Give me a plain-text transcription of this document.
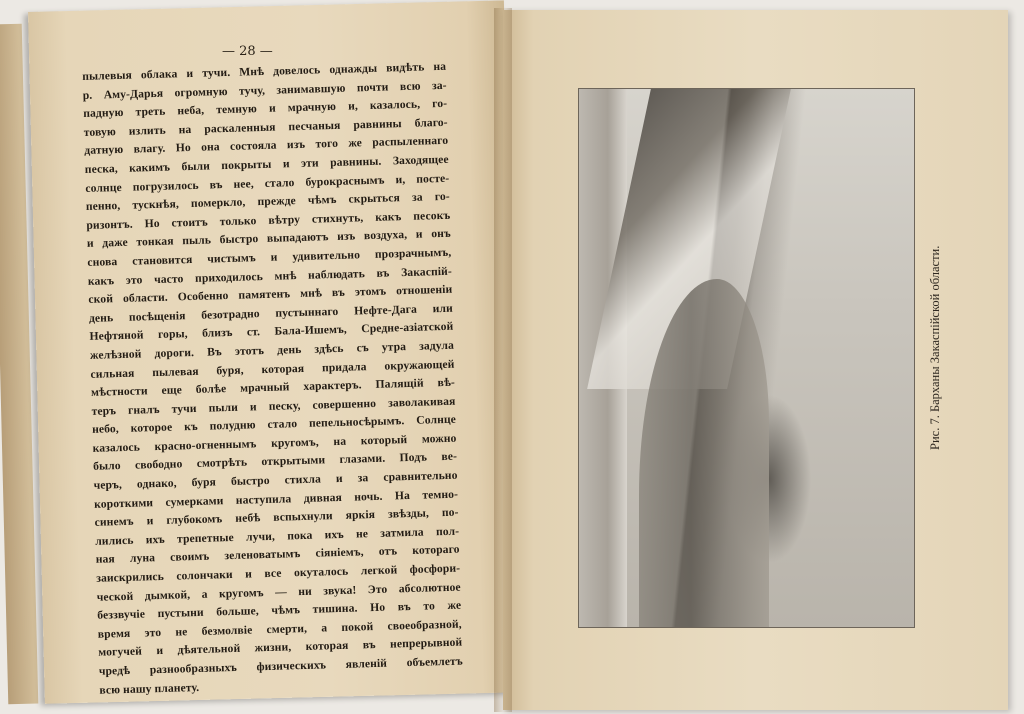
— 28 —
пылевыя облака и тучи. Мнѣ довелось однажды видѣть на
р. Аму-Дарья огромную тучу, занимавшую почти всю за-
падную треть неба, темную и мрачную и, казалось, го-
товую излить на раскаленныя песчаныя равнины благо-
датную влагу. Но она состояла изъ того же распыленнаго
песка, какимъ были покрыты и эти равнины. Заходящее
солнце погрузилось въ нее, стало бурокраснымъ и, посте-
пенно, тускнѣя, померкло, прежде чѣмъ скрыться за го-
ризонтъ. Но стоитъ только вѣтру стихнуть, какъ песокъ
и даже тонкая пыль быстро выпадаютъ изъ воздуха, и онъ
снова становится чистымъ и удивительно прозрачнымъ,
какъ это часто приходилось мнѣ наблюдать въ Закаспій-
ской области. Особенно памятенъ мнѣ въ этомъ отношеніи
день посѣщенія безотрадно пустыннаго Нефте-Дага или
Нефтяной горы, близъ ст. Бала-Ишемъ, Средне-азіатской
желѣзной дороги. Въ этотъ день здѣсь съ утра задула
сильная пылевая буря, которая придала окружающей
мѣстности еще болѣе мрачный характеръ. Палящій вѣ-
теръ гналъ тучи пыли и песку, совершенно заволакивая
небо, которое къ полудню стало пепельносѣрымъ. Солнце
казалось красно-огненнымъ кругомъ, на который можно
было свободно смотрѣть открытыми глазами. Подъ ве-
черъ, однако, буря быстро стихла и за сравнительно
короткими сумерками наступила дивная ночь. На темно-
синемъ и глубокомъ небѣ вспыхнули яркія звѣзды, по-
лились ихъ трепетные лучи, пока ихъ не затмила пол-
ная луна своимъ зеленоватымъ сіяніемъ, отъ котораго
заискрились солончаки и все окуталось легкой фосфори-
ческой дымкой, а кругомъ — ни звука! Это абсолютное
беззвучіе пустыни больше, чѣмъ тишина. Но въ то же
время это не безмолвіе смерти, а покой своеобразной,
могучей и дѣятельной жизни, которая въ непрерывной
чредѣ разнообразныхъ физическихъ явленій объемлетъ
всю нашу планету.
Рис. 7. Барханы Закаспійской области.
